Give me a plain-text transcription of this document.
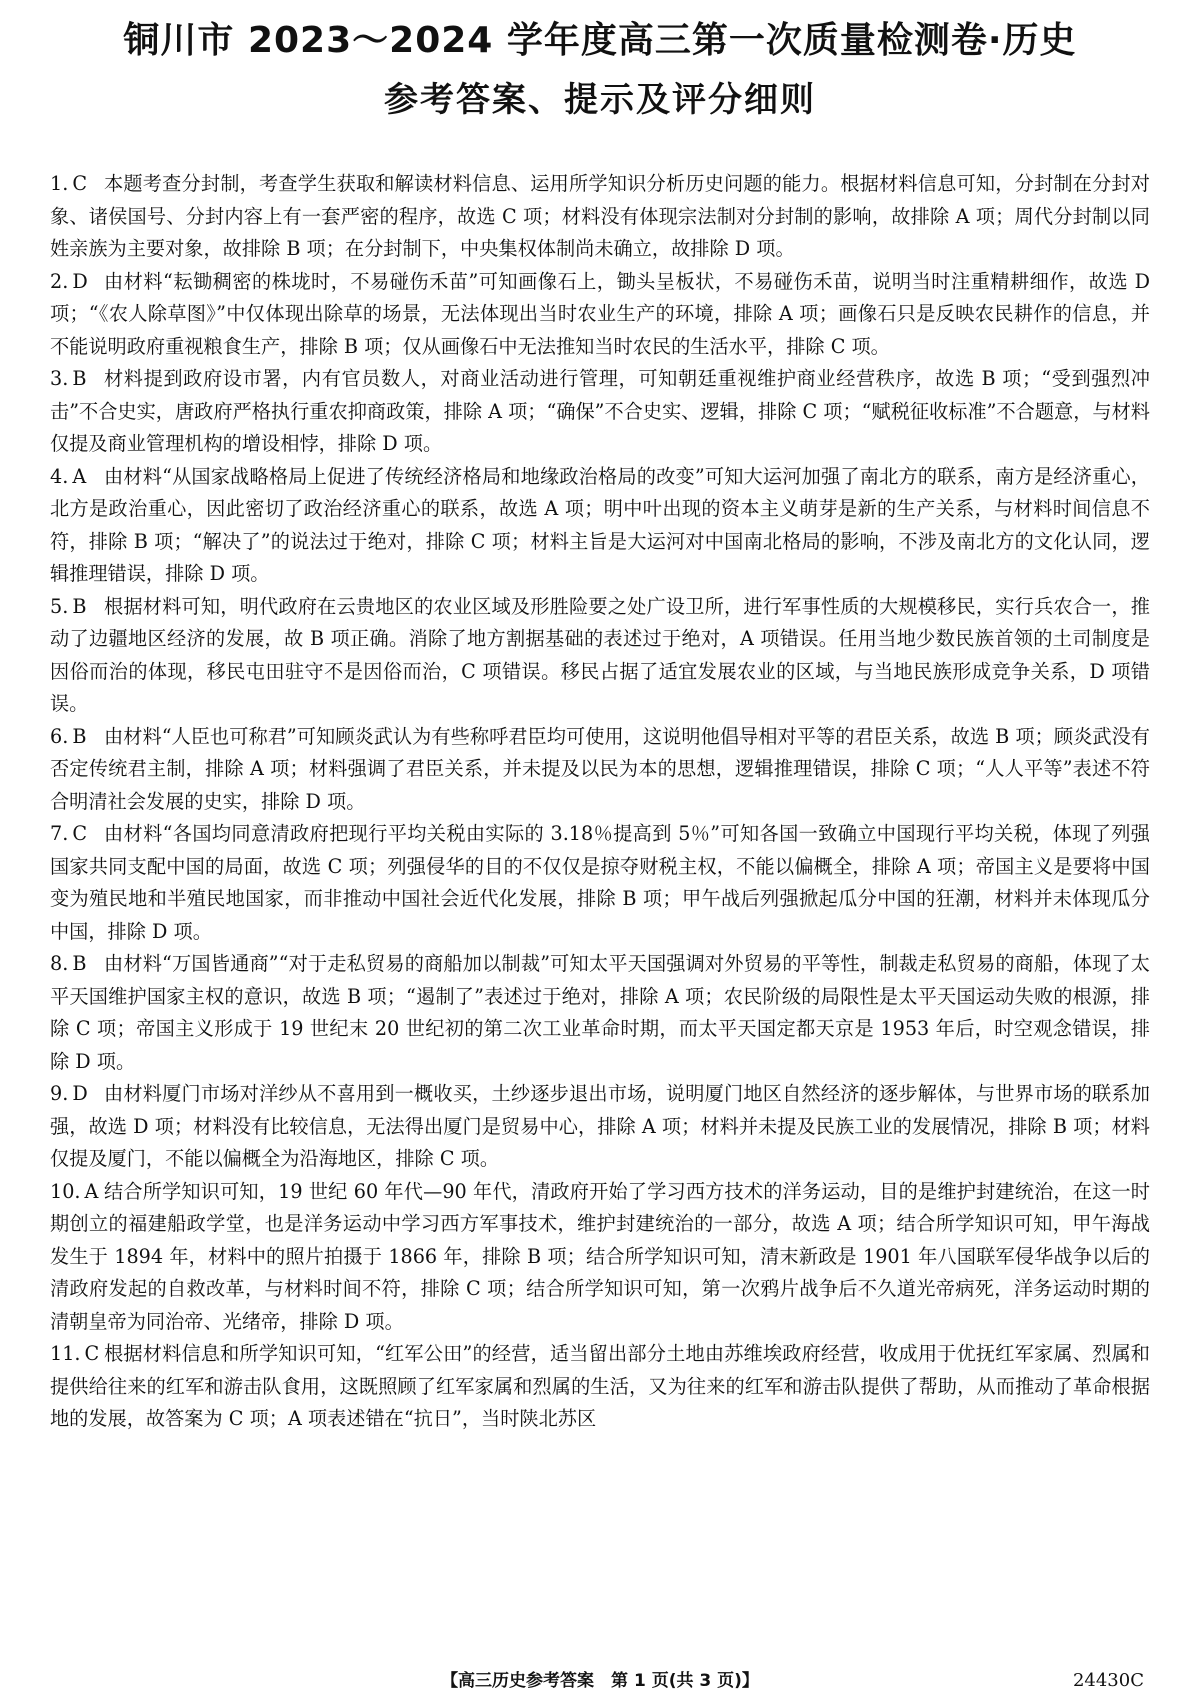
铜川市 2023～2024 学年度高三第一次质量检测卷·历史
参考答案、提示及评分细则
1. C 本题考查分封制，考查学生获取和解读材料信息、运用所学知识分析历史问题的能力。根据材料信息可知，分封制在分封对象、诸侯国号、分封内容上有一套严密的程序，故选 C 项；材料没有体现宗法制对分封制的影响，故排除 A 项；周代分封制以同姓亲族为主要对象，故排除 B 项；在分封制下，中央集权体制尚未确立，故排除 D 项。
2. D 由材料“耘锄稠密的株垅时，不易碰伤禾苗”可知画像石上，锄头呈板状，不易碰伤禾苗，说明当时注重精耕细作，故选 D 项；“《农人除草图》”中仅体现出除草的场景，无法体现出当时农业生产的环境，排除 A 项；画像石只是反映农民耕作的信息，并不能说明政府重视粮食生产，排除 B 项；仅从画像石中无法推知当时农民的生活水平，排除 C 项。
3. B 材料提到政府设市署，内有官员数人，对商业活动进行管理，可知朝廷重视维护商业经营秩序，故选 B 项；“受到强烈冲击”不合史实，唐政府严格执行重农抑商政策，排除 A 项；“确保”不合史实、逻辑，排除 C 项；“赋税征收标准”不合题意，与材料仅提及商业管理机构的增设相悖，排除 D 项。
4. A 由材料“从国家战略格局上促进了传统经济格局和地缘政治格局的改变”可知大运河加强了南北方的联系，南方是经济重心，北方是政治重心，因此密切了政治经济重心的联系，故选 A 项；明中叶出现的资本主义萌芽是新的生产关系，与材料时间信息不符，排除 B 项；“解决了”的说法过于绝对，排除 C 项；材料主旨是大运河对中国南北格局的影响，不涉及南北方的文化认同，逻辑推理错误，排除 D 项。
5. B 根据材料可知，明代政府在云贵地区的农业区域及形胜险要之处广设卫所，进行军事性质的大规模移民，实行兵农合一，推动了边疆地区经济的发展，故 B 项正确。消除了地方割据基础的表述过于绝对，A 项错误。任用当地少数民族首领的土司制度是因俗而治的体现，移民屯田驻守不是因俗而治，C 项错误。移民占据了适宜发展农业的区域，与当地民族形成竞争关系，D 项错误。
6. B 由材料“人臣也可称君”可知顾炎武认为有些称呼君臣均可使用，这说明他倡导相对平等的君臣关系，故选 B 项；顾炎武没有否定传统君主制，排除 A 项；材料强调了君臣关系，并未提及以民为本的思想，逻辑推理错误，排除 C 项；“人人平等”表述不符合明清社会发展的史实，排除 D 项。
7. C 由材料“各国均同意清政府把现行平均关税由实际的 3.18％提高到 5％”可知各国一致确立中国现行平均关税，体现了列强国家共同支配中国的局面，故选 C 项；列强侵华的目的不仅仅是掠夺财税主权，不能以偏概全，排除 A 项；帝国主义是要将中国变为殖民地和半殖民地国家，而非推动中国社会近代化发展，排除 B 项；甲午战后列强掀起瓜分中国的狂潮，材料并未体现瓜分中国，排除 D 项。
8. B 由材料“万国皆通商”“对于走私贸易的商船加以制裁”可知太平天国强调对外贸易的平等性，制裁走私贸易的商船，体现了太平天国维护国家主权的意识，故选 B 项；“遏制了”表述过于绝对，排除 A 项；农民阶级的局限性是太平天国运动失败的根源，排除 C 项；帝国主义形成于 19 世纪末 20 世纪初的第二次工业革命时期，而太平天国定都天京是 1953 年后，时空观念错误，排除 D 项。
9. D 由材料厦门市场对洋纱从不喜用到一概收买，土纱逐步退出市场，说明厦门地区自然经济的逐步解体，与世界市场的联系加强，故选 D 项；材料没有比较信息，无法得出厦门是贸易中心，排除 A 项；材料并未提及民族工业的发展情况，排除 B 项；材料仅提及厦门，不能以偏概全为沿海地区，排除 C 项。
10. A 结合所学知识可知，19 世纪 60 年代—90 年代，清政府开始了学习西方技术的洋务运动，目的是维护封建统治，在这一时期创立的福建船政学堂，也是洋务运动中学习西方军事技术，维护封建统治的一部分，故选 A 项；结合所学知识可知，甲午海战发生于 1894 年，材料中的照片拍摄于 1866 年，排除 B 项；结合所学知识可知，清末新政是 1901 年八国联军侵华战争以后的清政府发起的自救改革，与材料时间不符，排除 C 项；结合所学知识可知，第一次鸦片战争后不久道光帝病死，洋务运动时期的清朝皇帝为同治帝、光绪帝，排除 D 项。
11. C 根据材料信息和所学知识可知，“红军公田”的经营，适当留出部分土地由苏维埃政府经营，收成用于优抚红军家属、烈属和提供给往来的红军和游击队食用，这既照顾了红军家属和烈属的生活，又为往来的红军和游击队提供了帮助，从而推动了革命根据地的发展，故答案为 C 项；A 项表述错在“抗日”，当时陕北苏区
【高三历史参考答案　第 1 页(共 3 页)】	24430C
